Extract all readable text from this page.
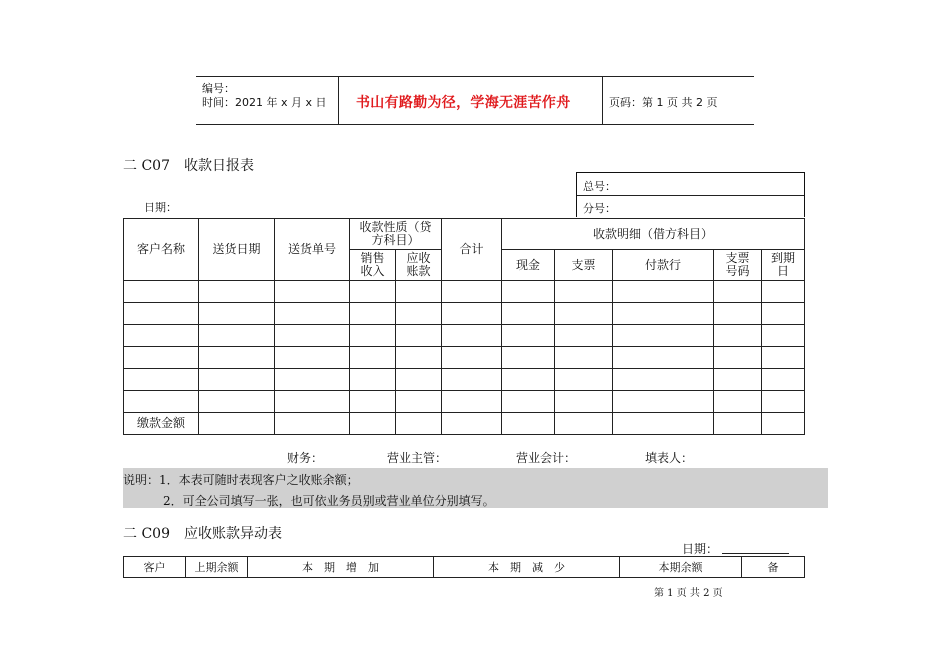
编号：
时间：2021 年 x 月 x 日 书山有路勤为径，学海无涯苦作舟	页码：第 1 页 共 2 页
二 C07　收款日报表
总号：
分号：
日期：
客户名称	送货日期	送货单号	收款性质（贷方科目）		合计	收款明细（借方科目）				
			销售收入	应收账款		现金	支票	付款行	支票号码	到期日

缴款金额										
财务：	营业主管：	营业会计：	填表人：
说明：1．本表可随时表现客户之收账余额；
2．可全公司填写一张，也可依业务员别或营业单位分别填写。
二 C09　应收账款异动表
日期：
客户	上期余额	本　期　增　加	本　期　减　少	本期余额	备
第 1 页 共 2 页
